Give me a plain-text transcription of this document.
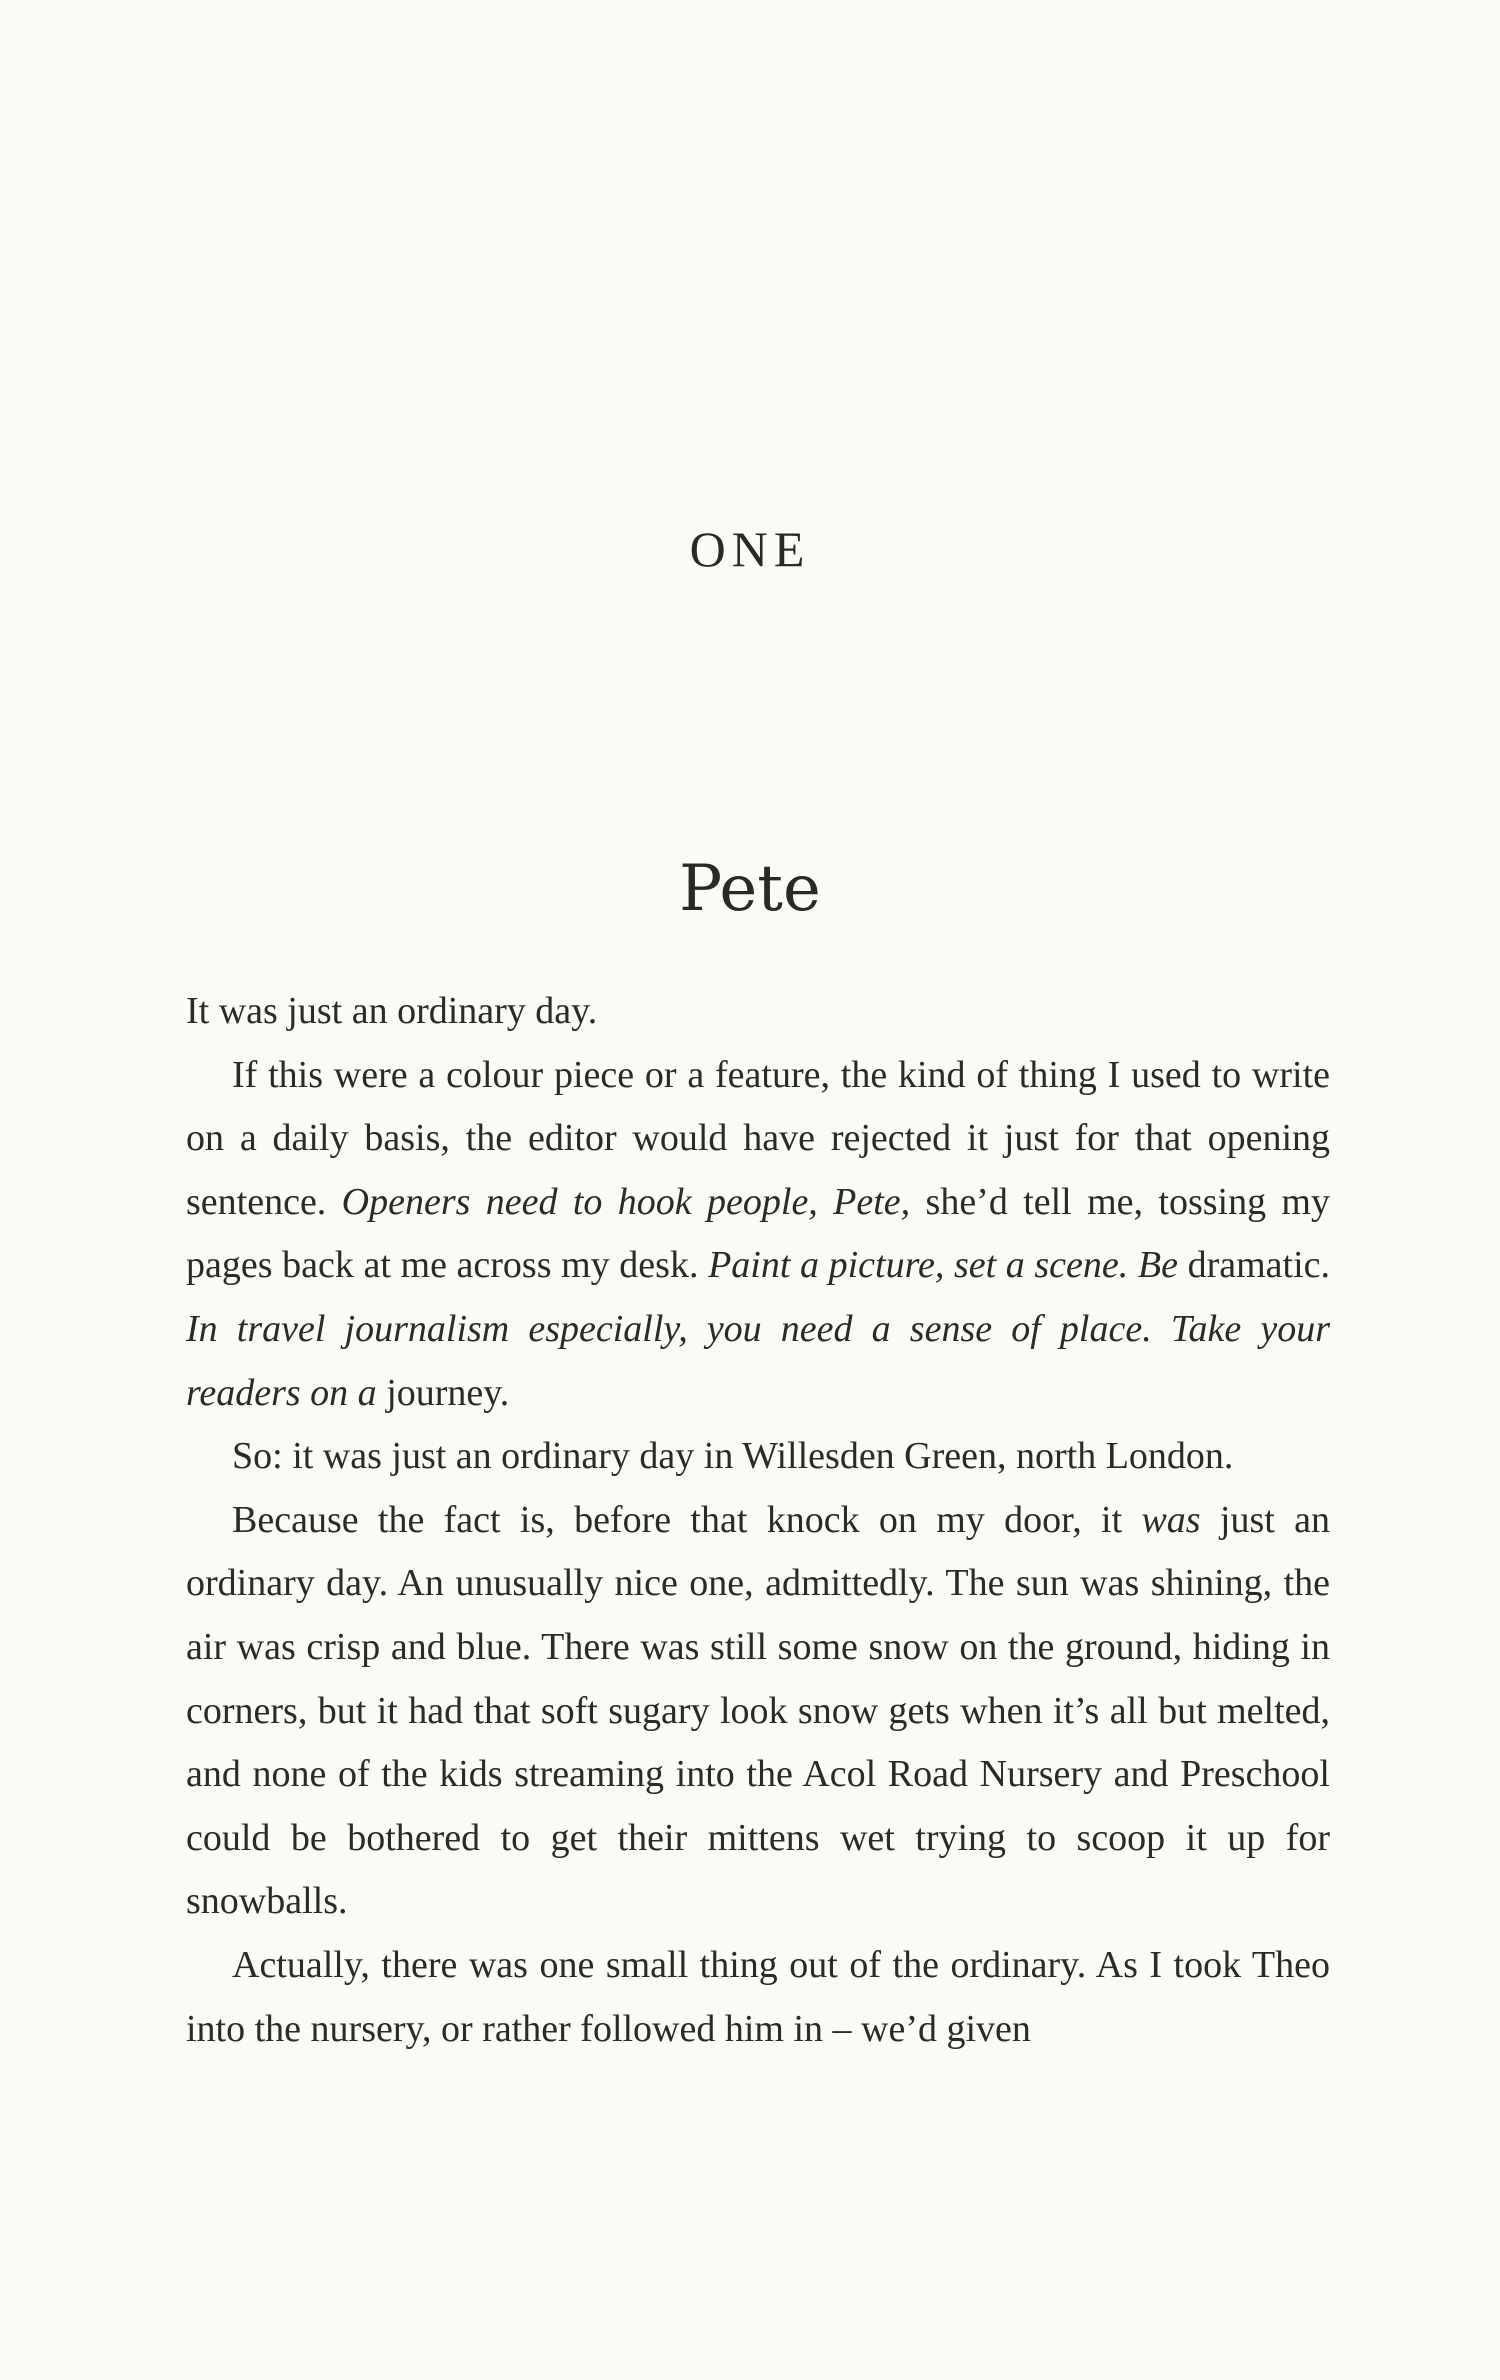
ONE
Pete

It was just an ordinary day.

If this were a colour piece or a feature, the kind of thing I used to write on a daily basis, the editor would have rejected it just for that opening sentence. Openers need to hook people, Pete, she’d tell me, tossing my pages back at me across my desk. Paint a picture, set a scene. Be dramatic. In travel journalism especially, you need a sense of place. Take your readers on a journey.

So: it was just an ordinary day in Willesden Green, north London.

Because the fact is, before that knock on my door, it was just an ordinary day. An unusually nice one, admittedly. The sun was shining, the air was crisp and blue. There was still some snow on the ground, hiding in corners, but it had that soft sugary look snow gets when it’s all but melted, and none of the kids streaming into the Acol Road Nursery and Preschool could be bothered to get their mittens wet trying to scoop it up for snowballs.

Actually, there was one small thing out of the ordinary. As I took Theo into the nursery, or rather followed him in – we’d given
